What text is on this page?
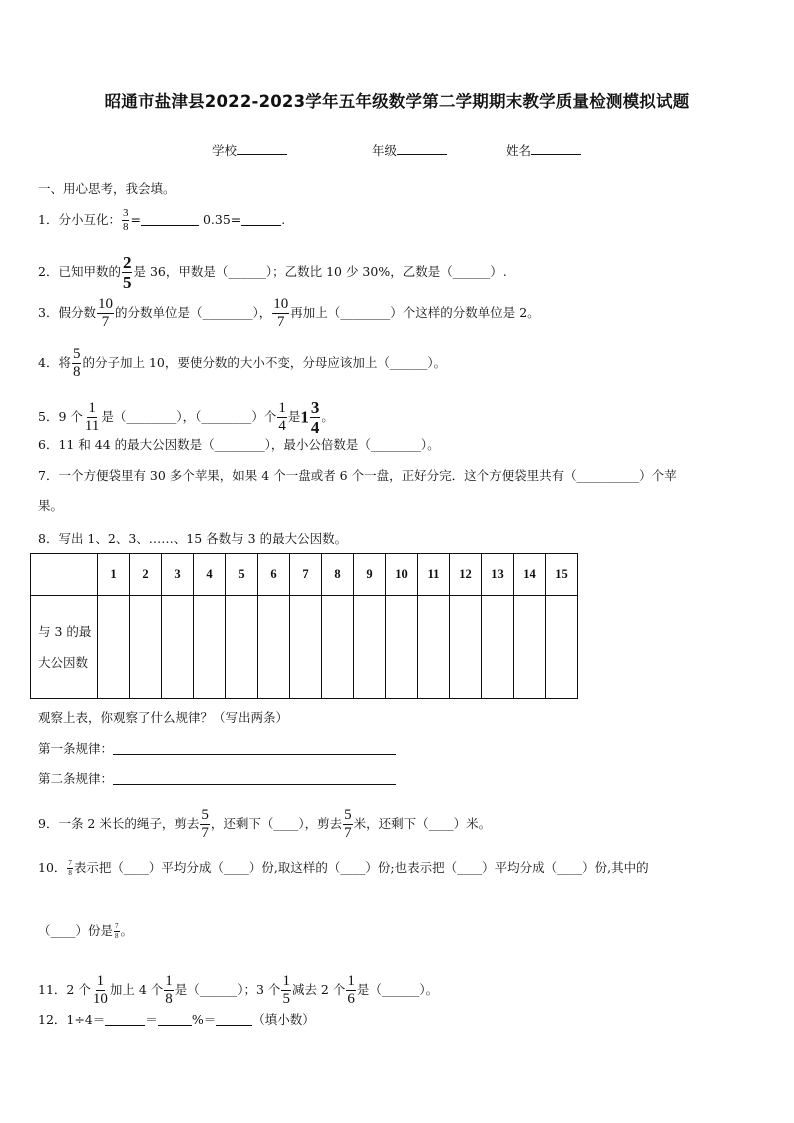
昭通市盐津县2022-2023学年五年级数学第二学期期末教学质量检测模拟试题
学校	年级	姓名
一、用心思考，我会填。
1．分小互化： $\frac{3}{8}$ =	0.35=	.
2．已知甲数的 $\frac{2}{5}$ 是 36，甲数是（______）；乙数比 10 少 30%，乙数是（______）.
3．假分数 $\frac{10}{7}$ 的分数单位是（________）， $\frac{10}{7}$ 再加上（________）个这样的分数单位是 2。
4．将 $\frac{5}{8}$ 的分子加上 10，要使分数的大小不变，分母应该加上（______）。
5．9 个 $\frac{1}{11}$ 是（________），（________）个 $\frac{1}{4}$ 是$1 \frac{3}{4}$ 。
6．11 和 44 的最大公因数是（________），最小公倍数是（________）。
7．一个方便袋里有 30 多个苹果，如果 4 个一盘或者 6 个一盘，正好分完．这个方便袋里共有（__________）个苹
果。
8．写出 1、2、3、……、15 各数与 3 的最大公因数。
	1	2	3	4	5	6	7	8	9	10	11	12	13	14	15
与 3 的最大公因数															
观察上表，你观察了什么规律？（写出两条）
第一条规律：
第二条规律：
9．一条 2 米长的绳子，剪去 $\frac{5}{7}$ ，还剩下（____），剪去 $\frac{5}{7}$ 米，还剩下（____）米。
10． $\frac{7}{8}$ 表示把（____）平均分成（____）份,取这样的（____）份;也表示把（____）平均分成（____）份,其中的
（____）份是 $\frac{7}{8}$ 。
11．2 个 $\frac{1}{10}$ 加上 4 个 $\frac{1}{8}$ 是（______）；3 个 $\frac{1}{5}$ 减去 2 个 $\frac{1}{6}$ 是（______）。
12．1÷4＝	＝	%＝	（填小数）
